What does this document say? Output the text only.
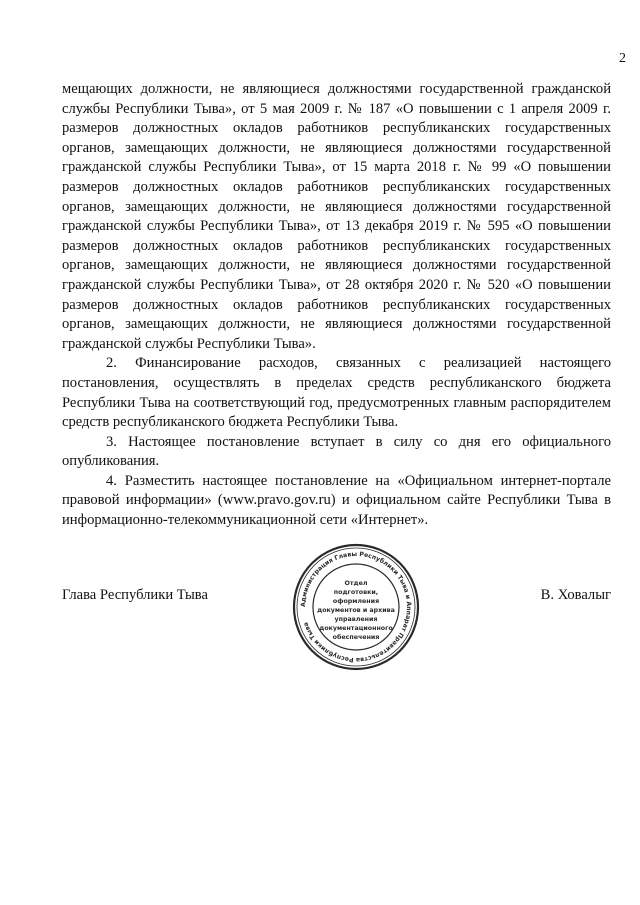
2

мещающих должности, не являющиеся должностями государственной гражданской службы Республики Тыва», от 5 мая 2009 г. № 187 «О повышении с 1 апреля 2009 г. размеров должностных окладов работников республиканских государственных органов, замещающих должности, не являющиеся должностями государственной гражданской службы Республики Тыва», от 15 марта 2018 г. № 99 «О повышении размеров должностных окладов работников республиканских государственных органов, замещающих должности, не являющиеся должностями государственной гражданской службы Республики Тыва», от 13 декабря 2019 г. № 595 «О повышении размеров должностных окладов работников республиканских государственных органов, замещающих должности, не являющиеся должностями государственной гражданской службы Республики Тыва», от 28 октября 2020 г. № 520 «О повышении размеров должностных окладов работников республиканских государственных органов, замещающих должности, не являющиеся должностями государственной гражданской службы Республики Тыва».

2. Финансирование расходов, связанных с реализацией настоящего постановления, осуществлять в пределах средств республиканского бюджета Республики Тыва на соответствующий год, предусмотренных главным распорядителем средств республиканского бюджета Республики Тыва.

3. Настоящее постановление вступает в силу со дня его официального опубликования.

4. Разместить настоящее постановление на «Официальном интернет-портале правовой информации» (www.pravo.gov.ru) и официальном сайте Республики Тыва в информационно-телекоммуникационной сети «Интернет».

Глава Республики Тыва	В. Ховалыг
Администрация Главы Республики Тыва и Аппарат Правительства Республики Тыва
Отдел
подготовки,
оформления
документов и архива
управления
документационного
обеспечения
